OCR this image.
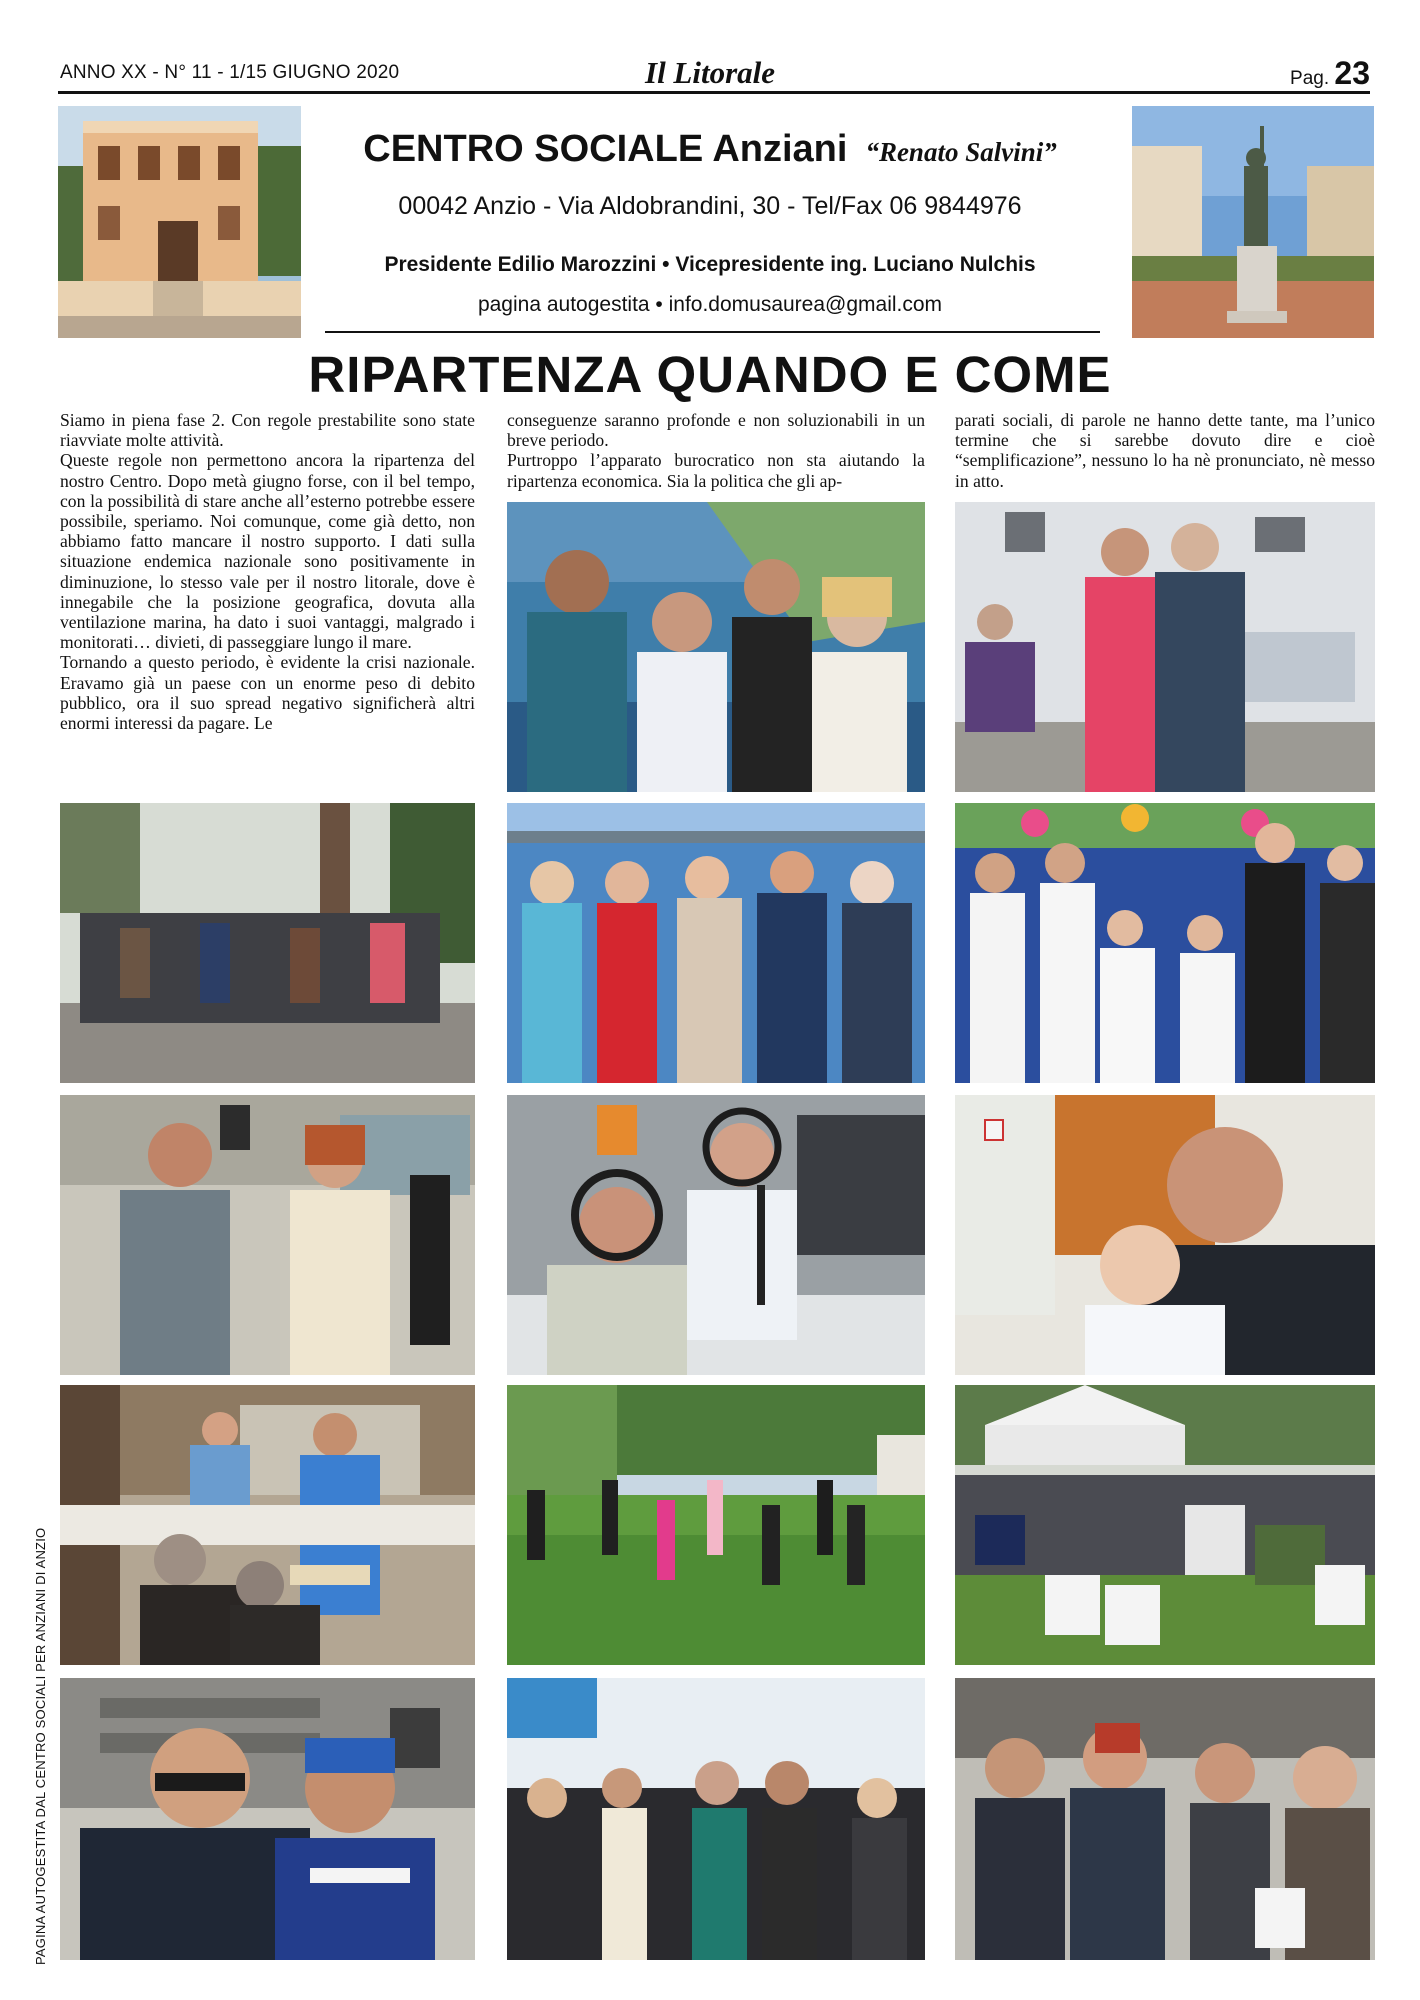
ANNO XX - N° 11 - 1/15 GIUGNO 2020	Il Litorale	Pag. 23
CENTRO SOCIALE Anziani “Renato Salvini”
00042 Anzio - Via Aldobrandini, 30 - Tel/Fax 06 9844976
Presidente Edilio Marozzini • Vicepresidente ing. Luciano Nulchis
pagina autogestita • info.domusaurea@gmail.com
RIPARTENZA QUANDO E COME

Siamo in piena fase 2. Con regole prestabilite sono state riavviate molte attività.

Queste regole non permettono ancora la ripartenza del nostro Centro. Dopo metà giugno forse, con il bel tempo, con la possibilità di stare anche all’esterno potrebbe essere possibile, speriamo. Noi comunque, come già detto, non abbiamo fatto mancare il nostro supporto. I dati sulla situazione endemica nazionale sono positivamente in diminuzione, lo stesso vale per il nostro litorale, dove è innegabile che la posizione geografica, dovuta alla ventilazione marina, ha dato i suoi vantaggi, malgrado i monitorati… divieti, di passeggiare lungo il mare.

Tornando a questo periodo, è evidente la crisi nazionale. Eravamo già un paese con un enorme peso di debito pubblico, ora il suo spread negativo significherà altri enormi interessi da pagare. Le

conseguenze saranno profonde e non soluzionabili in un breve periodo.

Purtroppo l’apparato burocratico non sta aiutando la ripartenza economica. Sia la politica che gli ap-

parati sociali, di parole ne hanno dette tante, ma l’unico termine che si sarebbe dovuto dire e cioè “semplificazione”, nessuno lo ha nè pronunciato, nè messo in atto.

PAGINA AUTOGESTITA DAL CENTRO SOCIALI PER ANZIANI DI ANZIO
